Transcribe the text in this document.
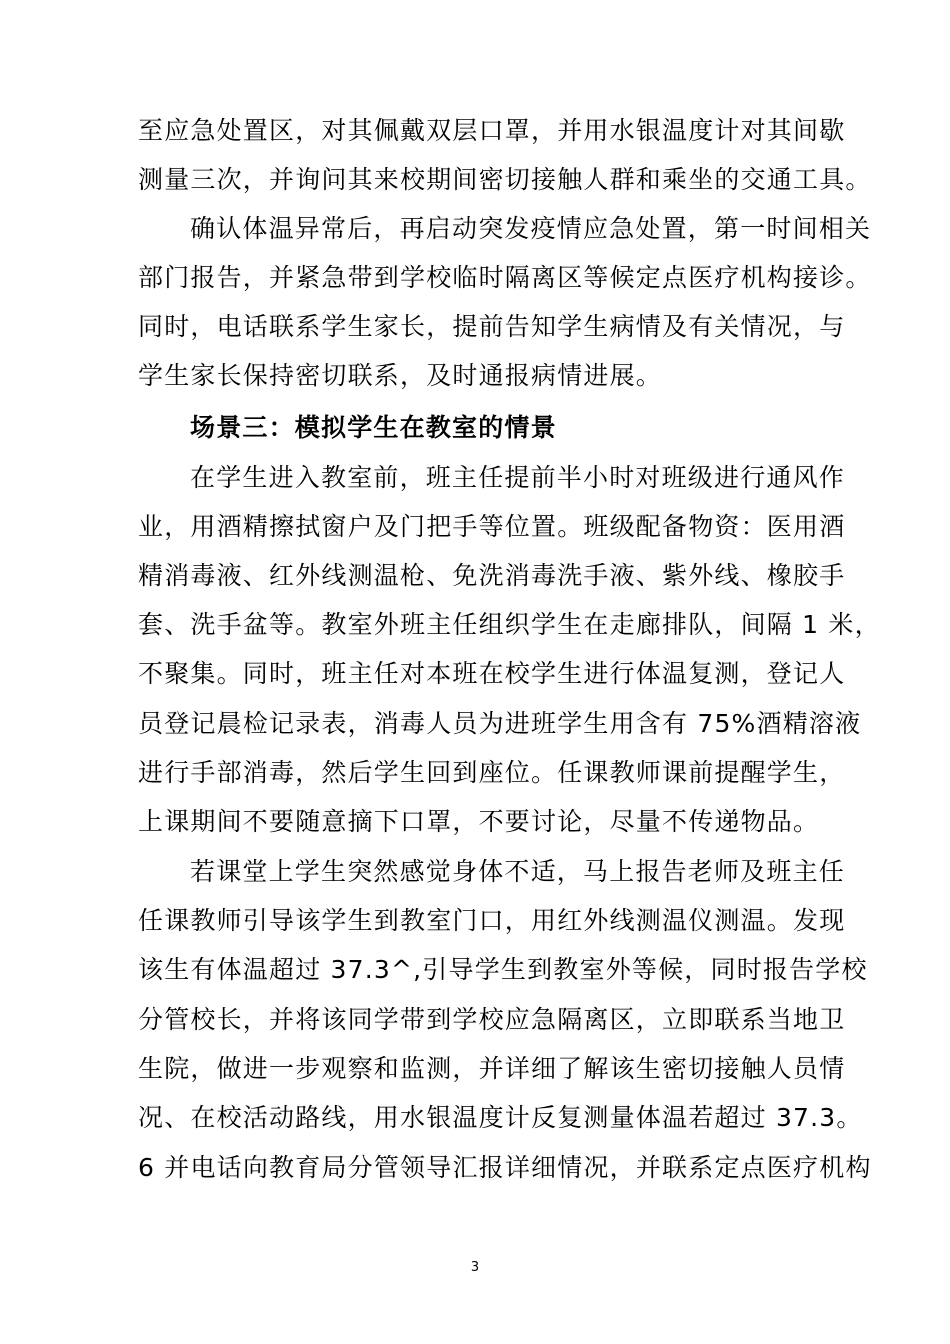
至应急处置区，对其佩戴双层口罩，并用水银温度计对其间歇
测量三次，并询问其来校期间密切接触人群和乘坐的交通工具。
确认体温异常后，再启动突发疫情应急处置，第一时间相关
部门报告，并紧急带到学校临时隔离区等候定点医疗机构接诊。
同时，电话联系学生家长，提前告知学生病情及有关情况，与
学生家长保持密切联系，及时通报病情进展。
场景三：模拟学生在教室的情景
在学生进入教室前，班主任提前半小时对班级进行通风作
业，用酒精擦拭窗户及门把手等位置。班级配备物资：医用酒
精消毒液、红外线测温枪、免洗消毒洗手液、紫外线、橡胶手
套、洗手盆等。教室外班主任组织学生在走廊排队，间隔 1 米，
不聚集。同时，班主任对本班在校学生进行体温复测，登记人
员登记晨检记录表，消毒人员为进班学生用含有 75%酒精溶液
进行手部消毒，然后学生回到座位。任课教师课前提醒学生，
上课期间不要随意摘下口罩，不要讨论，尽量不传递物品。
若课堂上学生突然感觉身体不适，马上报告老师及班主任
任课教师引导该学生到教室门口，用红外线测温仪测温。发现
该生有体温超过 37.3^,引导学生到教室外等候，同时报告学校
分管校长，并将该同学带到学校应急隔离区，立即联系当地卫
生院，做进一步观察和监测，并详细了解该生密切接触人员情
况、在校活动路线，用水银温度计反复测量体温若超过 37.3。
6 并电话向教育局分管领导汇报详细情况，并联系定点医疗机构
3
